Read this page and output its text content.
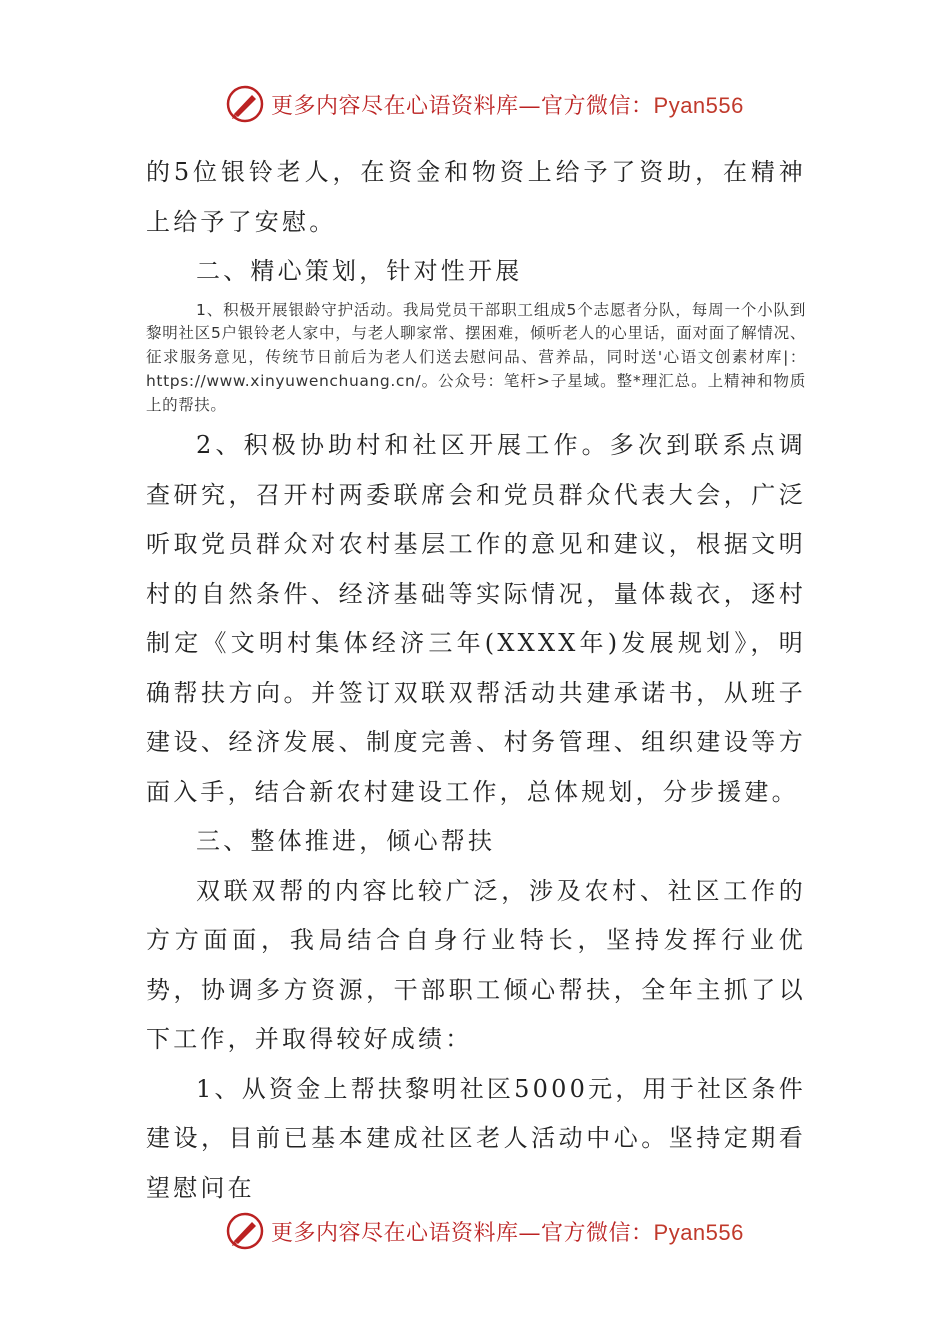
更多内容尽在心语资料库—官方微信：Pyan556

的5位银铃老人，在资金和物资上给予了资助，在精神上给予了安慰。

二、精心策划，针对性开展

1、积极开展银龄守护活动。我局党员干部职工组成5个志愿者分队，每周一个小队到黎明社区5户银铃老人家中，与老人聊家常、摆困难，倾听老人的心里话，面对面了解情况、征求服务意见，传统节日前后为老人们送去慰问品、营养品，同时送'心语文创素材库|：https://www.xinyuwenchuang.cn/。公众号：笔杆>子星域。整*理汇总。上精神和物质上的帮扶。

2、积极协助村和社区开展工作。多次到联系点调查研究，召开村两委联席会和党员群众代表大会，广泛听取党员群众对农村基层工作的意见和建议，根据文明村的自然条件、经济基础等实际情况，量体裁衣，逐村制定《文明村集体经济三年(XXXX年)发展规划》，明确帮扶方向。并签订双联双帮活动共建承诺书，从班子建设、经济发展、制度完善、村务管理、组织建设等方面入手，结合新农村建设工作，总体规划，分步援建。

三、整体推进，倾心帮扶

双联双帮的内容比较广泛，涉及农村、社区工作的方方面面，我局结合自身行业特长，坚持发挥行业优势，协调多方资源，干部职工倾心帮扶，全年主抓了以下工作，并取得较好成绩：

1、从资金上帮扶黎明社区5000元，用于社区条件建设，目前已基本建成社区老人活动中心。坚持定期看望慰问在

更多内容尽在心语资料库—官方微信：Pyan556
